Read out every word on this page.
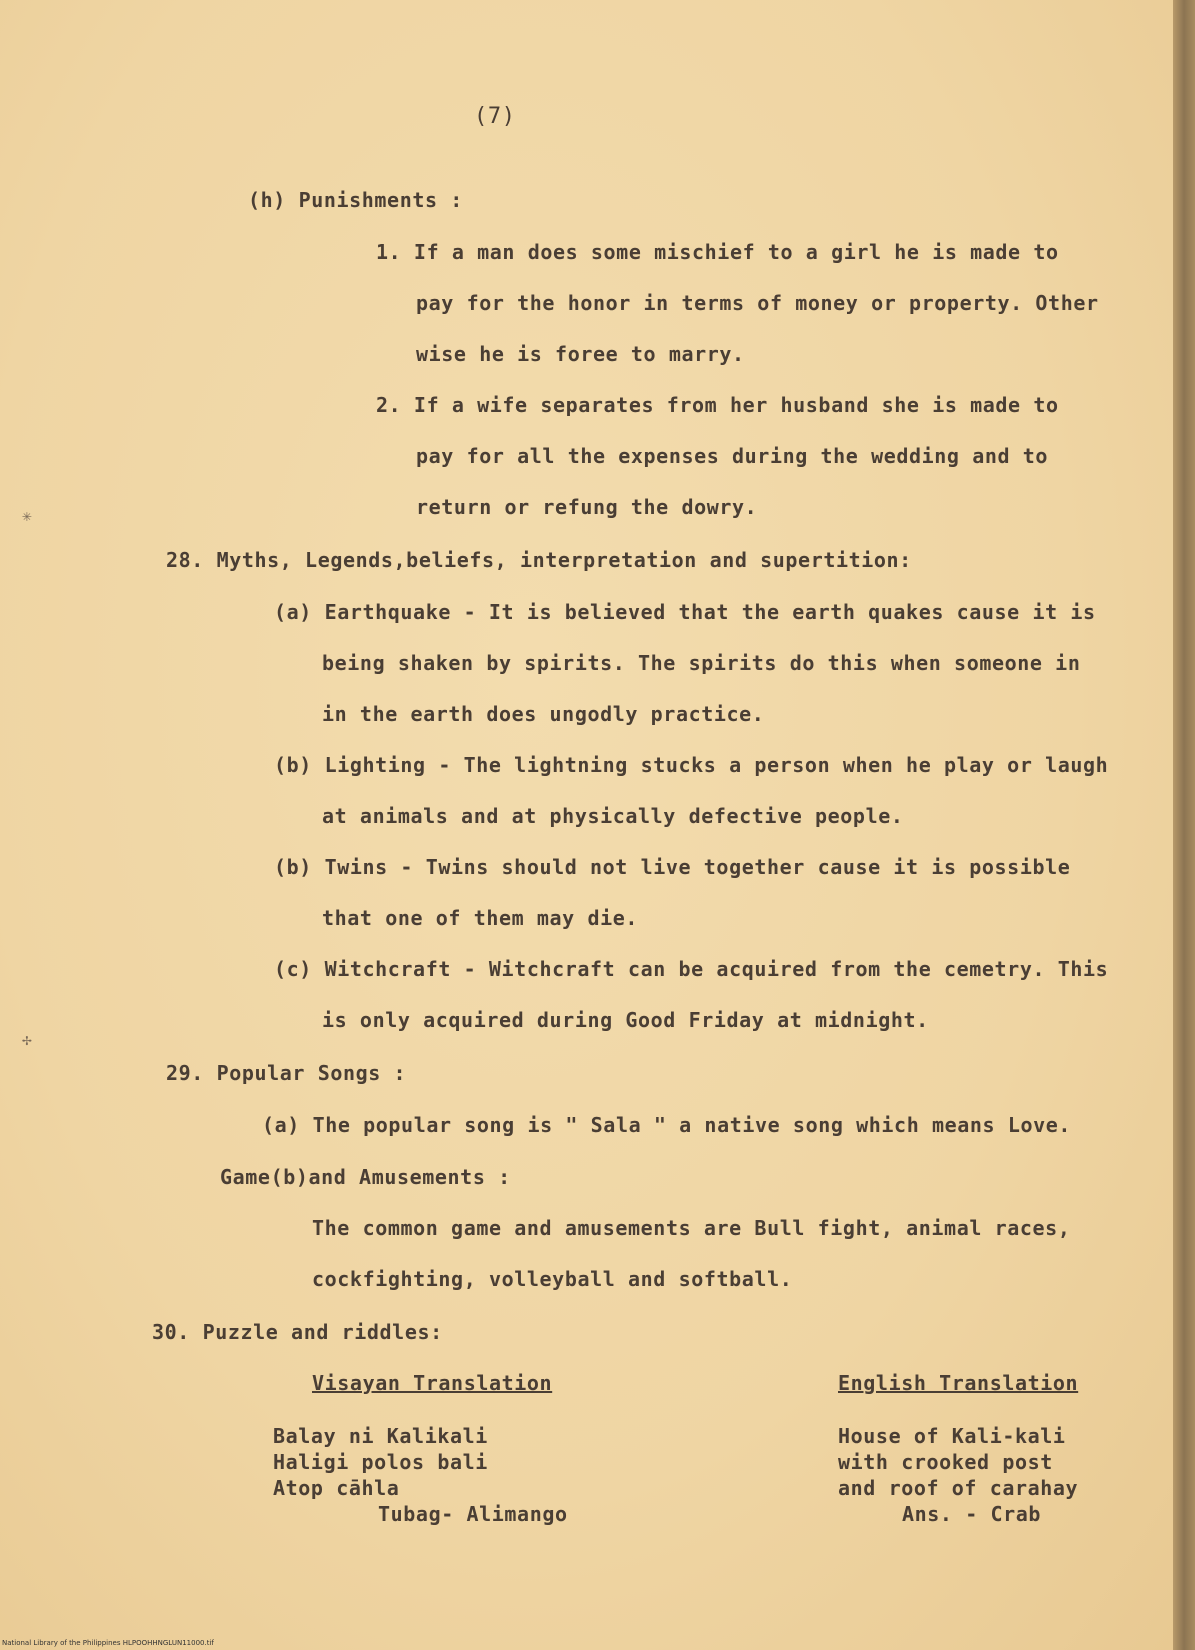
✳
✢
(7)
(h) Punishments :
1. If a man does some mischief to a girl he is made to
pay for the honor in terms of money or property. Other
wise he is foree to marry.
2. If a wife separates from her husband she is made to
pay for all the expenses during the wedding and to
return or refung the dowry.
28. Myths, Legends,beliefs, interpretation and supertition:
(a) Earthquake - It is believed that the earth quakes cause it is
being shaken by spirits. The spirits do this when someone in
in the earth does ungodly practice.
(b) Lighting - The lightning stucks a person when he play or laugh
at animals and at physically defective people.
(b) Twins - Twins should not live together cause it is possible
that one of them may die.
(c) Witchcraft - Witchcraft can be acquired from the cemetry. This
is only acquired during Good Friday at midnight.
29. Popular Songs :
(a) The popular song is " Sala " a native song which means Love.
Game(b)and Amusements :
The common game and amusements are Bull fight, animal races,
cockfighting, volleyball and softball.
30. Puzzle and riddles:
Visayan Translation	English Translation
Balay ni Kalikali
Haligi polos bali
Atop cāhla
Tubag- Alimango
House of Kali-kali
with crooked post
and roof of carahay
Ans. - Crab
National Library of the Philippines HLPOOHHNGLUN11000.tif
